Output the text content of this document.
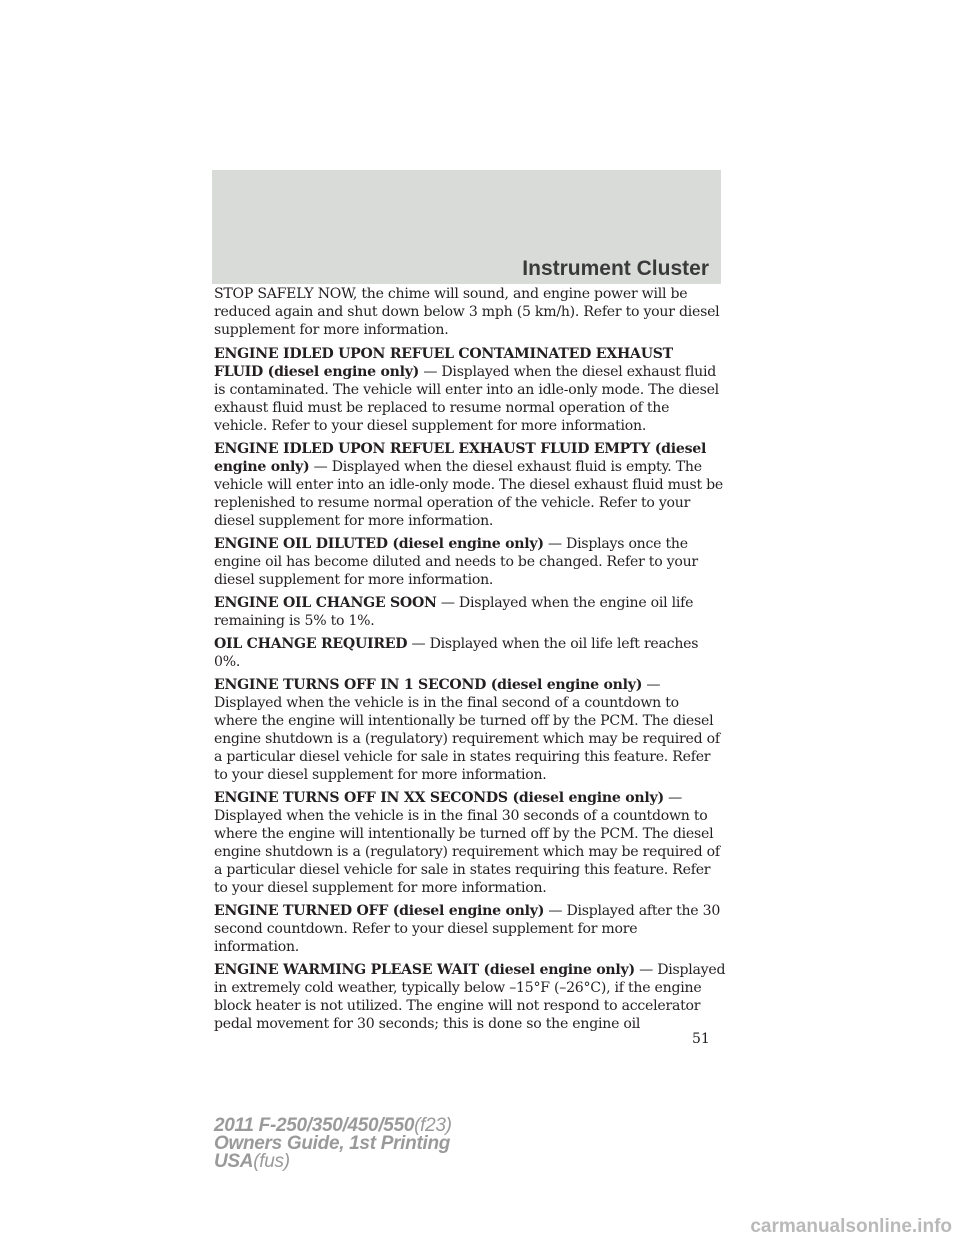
Instrument Cluster

STOP SAFELY NOW, the chime will sound, and engine power will be reduced again and shut down below 3 mph (5 km/h). Refer to your diesel supplement for more information.

ENGINE IDLED UPON REFUEL CONTAMINATED EXHAUST FLUID (diesel engine only) — Displayed when the diesel exhaust fluid is contaminated. The vehicle will enter into an idle-only mode. The diesel exhaust fluid must be replaced to resume normal operation of the vehicle. Refer to your diesel supplement for more information.

ENGINE IDLED UPON REFUEL EXHAUST FLUID EMPTY (diesel engine only) — Displayed when the diesel exhaust fluid is empty. The vehicle will enter into an idle-only mode. The diesel exhaust fluid must be replenished to resume normal operation of the vehicle. Refer to your diesel supplement for more information.

ENGINE OIL DILUTED (diesel engine only) — Displays once the engine oil has become diluted and needs to be changed. Refer to your diesel supplement for more information.

ENGINE OIL CHANGE SOON — Displayed when the engine oil life remaining is 5% to 1%.

OIL CHANGE REQUIRED — Displayed when the oil life left reaches 0%.

ENGINE TURNS OFF IN 1 SECOND (diesel engine only) — Displayed when the vehicle is in the final second of a countdown to where the engine will intentionally be turned off by the PCM. The diesel engine shutdown is a (regulatory) requirement which may be required of a particular diesel vehicle for sale in states requiring this feature. Refer to your diesel supplement for more information.

ENGINE TURNS OFF IN XX SECONDS (diesel engine only) — Displayed when the vehicle is in the final 30 seconds of a countdown to where the engine will intentionally be turned off by the PCM. The diesel engine shutdown is a (regulatory) requirement which may be required of a particular diesel vehicle for sale in states requiring this feature. Refer to your diesel supplement for more information.

ENGINE TURNED OFF (diesel engine only) — Displayed after the 30 second countdown. Refer to your diesel supplement for more information.

ENGINE WARMING PLEASE WAIT (diesel engine only) — Displayed in extremely cold weather, typically below –15°F (–26°C), if the engine block heater is not utilized. The engine will not respond to accelerator pedal movement for 30 seconds; this is done so the engine oil

51
2011 F-250/350/450/550(f23)
Owners Guide, 1st Printing
USA(fus)
carmanualsonline.info
